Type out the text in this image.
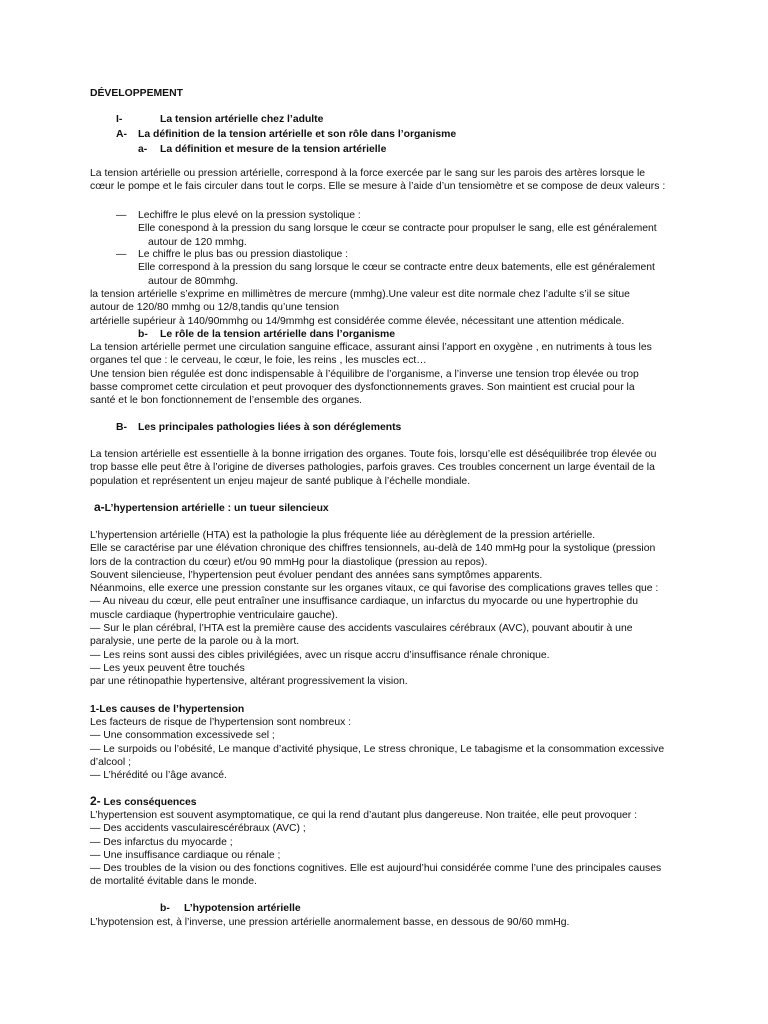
DÉVELOPPEMENT
I-	La tension artérielle chez l’adulte
A- La définition de la tension artérielle et son rôle dans l’organisme
a- La définition et mesure de la tension artérielle
La tension artérielle ou pression artérielle, correspond à la force exercée par le sang sur les parois des artères lorsque le
cœur le pompe et le fais circuler dans tout le corps. Elle se mesure à l’aide d’un tensiomètre et se compose de deux valeurs :
— Lechiffre le plus elevé on la pression systolique :
Elle conespond à la pression du sang lorsque le cœur se contracte pour propulser le sang, elle est généralement
autour de 120 mmhg.
— Le chiffre le plus bas ou pression diastolique :
Elle correspond à la pression du sang lorsque le cœur se contracte entre deux batements, elle est généralement
autour de 80mmhg.
la tension artérielle s’exprime en millimètres de mercure (mmhg).Une valeur est dite normale chez l’adulte s’il se situe
autour de 120/80 mmhg ou 12/8,tandis qu’une tension
artérielle supérieur à 140/90mmhg ou 14/9mmhg est considérée comme élevée, nécessitant une attention médicale.
b- Le rôle de la tension artérielle dans l’organisme
La tension artérielle permet une circulation sanguine efficace, assurant ainsi l’apport en oxygène , en nutriments à tous les
organes tel que : le cerveau, le cœur, le foie, les reins , les muscles ect…
Une tension bien régulée est donc indispensable à l’équilibre de l’organisme, a l’inverse une tension trop élevée ou trop
basse compromet cette circulation et peut provoquer des dysfonctionnements graves. Son maintient est crucial pour la
santé et le bon fonctionnement de l’ensemble des organes.
B- Les principales pathologies liées à son déréglements
La tension artérielle est essentielle à la bonne irrigation des organes. Toute fois, lorsqu’elle est déséquilibrée trop élevée ou
trop basse elle peut être à l’origine de diverses pathologies, parfois graves. Ces troubles concernent un large éventail de la
population et représentent un enjeu majeur de santé publique à l’échelle mondiale.
a-L’hypertension artérielle : un tueur silencieux
L’hypertension artérielle (HTA) est la pathologie la plus fréquente liée au dérèglement de la pression artérielle.
Elle se caractérise par une élévation chronique des chiffres tensionnels, au-delà de 140 mmHg pour la systolique (pression
lors de la contraction du cœur) et/ou 90 mmHg pour la diastolique (pression au repos).
Souvent silencieuse, l’hypertension peut évoluer pendant des années sans symptômes apparents.
Néanmoins, elle exerce une pression constante sur les organes vitaux, ce qui favorise des complications graves telles que :
— Au niveau du cœur, elle peut entraîner une insuffisance cardiaque, un infarctus du myocarde ou une hypertrophie du
muscle cardiaque (hypertrophie ventriculaire gauche).
— Sur le plan cérébral, l’HTA est la première cause des accidents vasculaires cérébraux (AVC), pouvant aboutir à une
paralysie, une perte de la parole ou à la mort.
— Les reins sont aussi des cibles privilégiées, avec un risque accru d’insuffisance rénale chronique.
— Les yeux peuvent être touchés
par une rétinopathie hypertensive, altérant progressivement la vision.
1-Les causes de l’hypertension
Les facteurs de risque de l’hypertension sont nombreux :
— Une consommation excessivede sel ;
— Le surpoids ou l’obésité, Le manque d’activité physique, Le stress chronique, Le tabagisme et la consommation excessive
d’alcool ;
— L’hérédité ou l’âge avancé.
2- Les conséquences
L’hypertension est souvent asymptomatique, ce qui la rend d’autant plus dangereuse. Non traitée, elle peut provoquer :
— Des accidents vasculairescérébraux (AVC) ;
— Des infarctus du myocarde ;
— Une insuffisance cardiaque ou rénale ;
— Des troubles de la vision ou des fonctions cognitives. Elle est aujourd’hui considérée comme l’une des principales causes
de mortalité évitable dans le monde.
b- L’hypotension artérielle
L’hypotension est, à l’inverse, une pression artérielle anormalement basse, en dessous de 90/60 mmHg.
